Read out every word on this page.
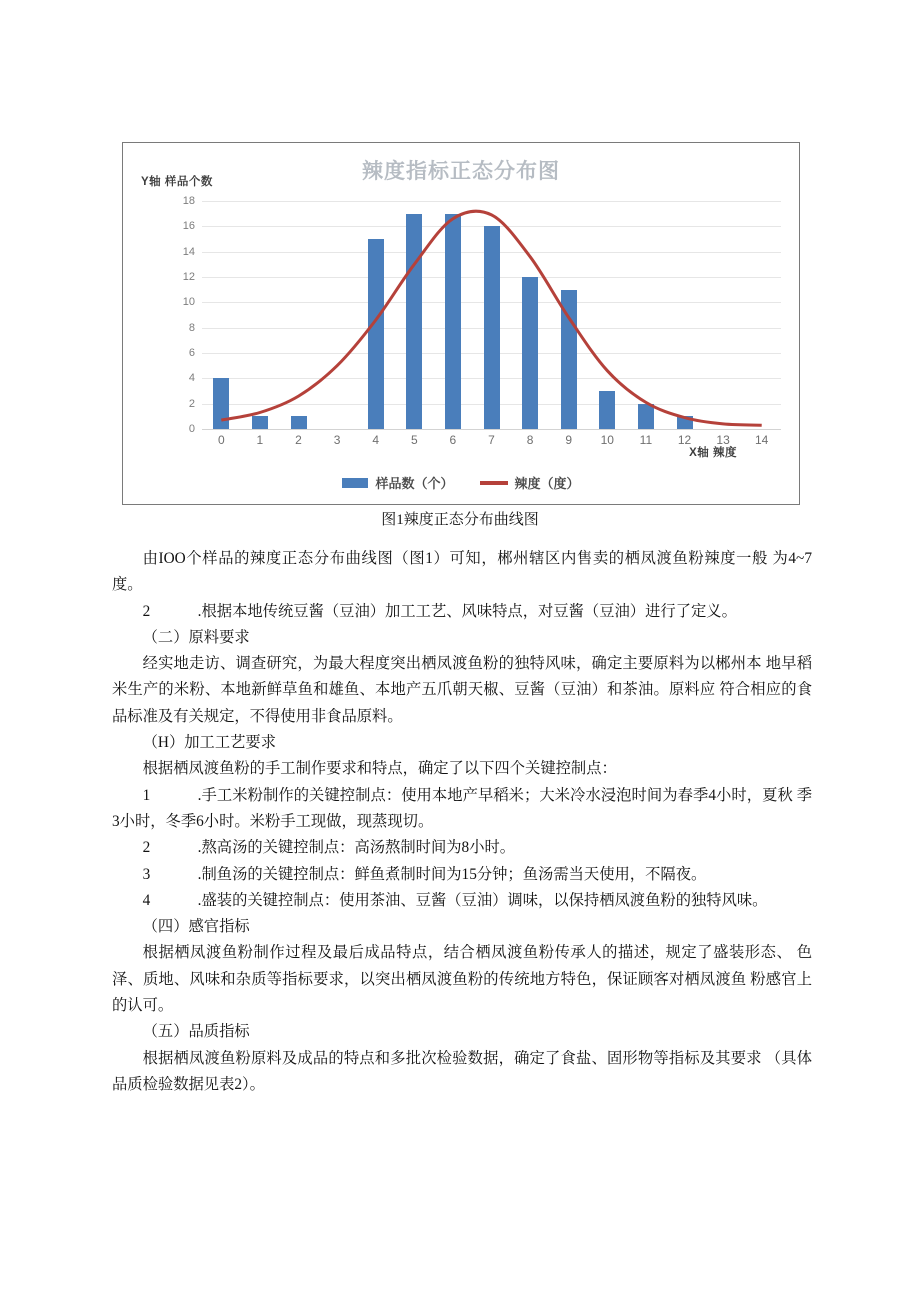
辣度指标正态分布图
Y轴 样品个数
X轴 辣度
18
16
14
12
10
8
6
4
2
0
0	1	2	3	4	5	6	7	8	9 10 11 12 13 14
样品数（个）	辣度（度）
图1辣度正态分布曲线图

由IOO个样品的辣度正态分布曲线图（图1）可知，郴州辖区内售卖的栖凤渡鱼粉辣度一般 为4~7度。

2	.根据本地传统豆酱（豆油）加工工艺、风味特点，对豆酱（豆油）进行了定义。

（二）原料要求

经实地走访、调查研究，为最大程度突出栖凤渡鱼粉的独特风味，确定主要原料为以郴州本 地早稻米生产的米粉、本地新鲜草鱼和雄鱼、本地产五爪朝天椒、豆酱（豆油）和茶油。原料应 符合相应的食品标准及有关规定，不得使用非食品原料。

（H）加工工艺要求

根据栖凤渡鱼粉的手工制作要求和特点，确定了以下四个关键控制点：

1	.手工米粉制作的关键控制点：使用本地产早稻米；大米冷水浸泡时间为春季4小时，夏秋 季3小时，冬季6小时。米粉手工现做，现蒸现切。

2	.熬高汤的关键控制点：高汤熬制时间为8小时。

3	.制鱼汤的关键控制点：鲜鱼煮制时间为15分钟；鱼汤需当天使用，不隔夜。

4	.盛装的关键控制点：使用茶油、豆酱（豆油）调味，以保持栖凤渡鱼粉的独特风味。

（四）感官指标

根据栖凤渡鱼粉制作过程及最后成品特点，结合栖凤渡鱼粉传承人的描述，规定了盛装形态、 色泽、质地、风味和杂质等指标要求，以突出栖凤渡鱼粉的传统地方特色，保证顾客对栖凤渡鱼 粉感官上的认可。

（五）品质指标

根据栖凤渡鱼粉原料及成品的特点和多批次检验数据，确定了食盐、固形物等指标及其要求 （具体品质检验数据见表2）。
